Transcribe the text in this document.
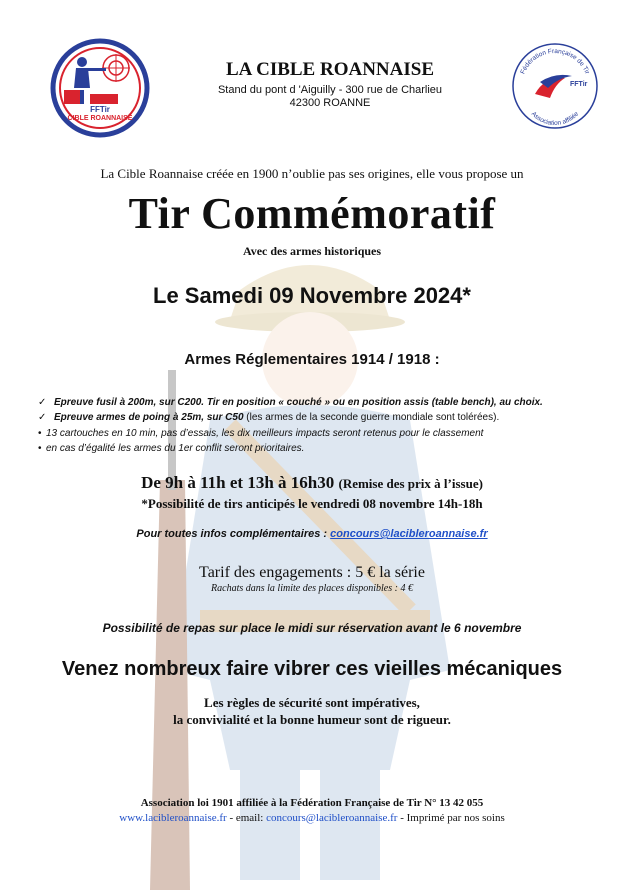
CIBLE ROANNAISE
FFTir
Fédération Française de Tir
Association affiliée
FFTir
LA CIBLE ROANNAISE
Stand du pont d 'Aiguilly - 300 rue de Charlieu
42300 ROANNE
La Cible Roannaise créée en 1900 n’oublie pas ses origines, elle vous propose un
Tir Commémoratif
Avec des armes historiques
Le Samedi 09 Novembre 2024*
Armes Réglementaires 1914 / 1918 :
✓ Epreuve fusil à 200m, sur C200. Tir en position « couché » ou en position assis (table bench), au choix.
✓ Epreuve armes de poing à 25m, sur C50 (les armes de la seconde guerre mondiale sont tolérées).
• 13 cartouches en 10 min, pas d’essais, les dix meilleurs impacts seront retenus pour le classement
• en cas d’égalité les armes du 1er conflit seront prioritaires.
De 9h à 11h et 13h à 16h30 (Remise des prix à l’issue)
*Possibilité de tirs anticipés le vendredi 08 novembre 14h-18h
Pour toutes infos complémentaires : concours@lacibleroannaise.fr
Tarif des engagements : 5 € la série
Rachats dans la limite des places disponibles : 4 €
Possibilité de repas sur place le midi sur réservation avant le 6 novembre
Venez nombreux faire vibrer ces vieilles mécaniques
Les règles de sécurité sont impératives,
la convivialité et la bonne humeur sont de rigueur.
Association loi 1901 affiliée à la Fédération Française de Tir N° 13 42 055
www.lacibleroannaise.fr - email: concours@lacibleroannaise.fr - Imprimé par nos soins
